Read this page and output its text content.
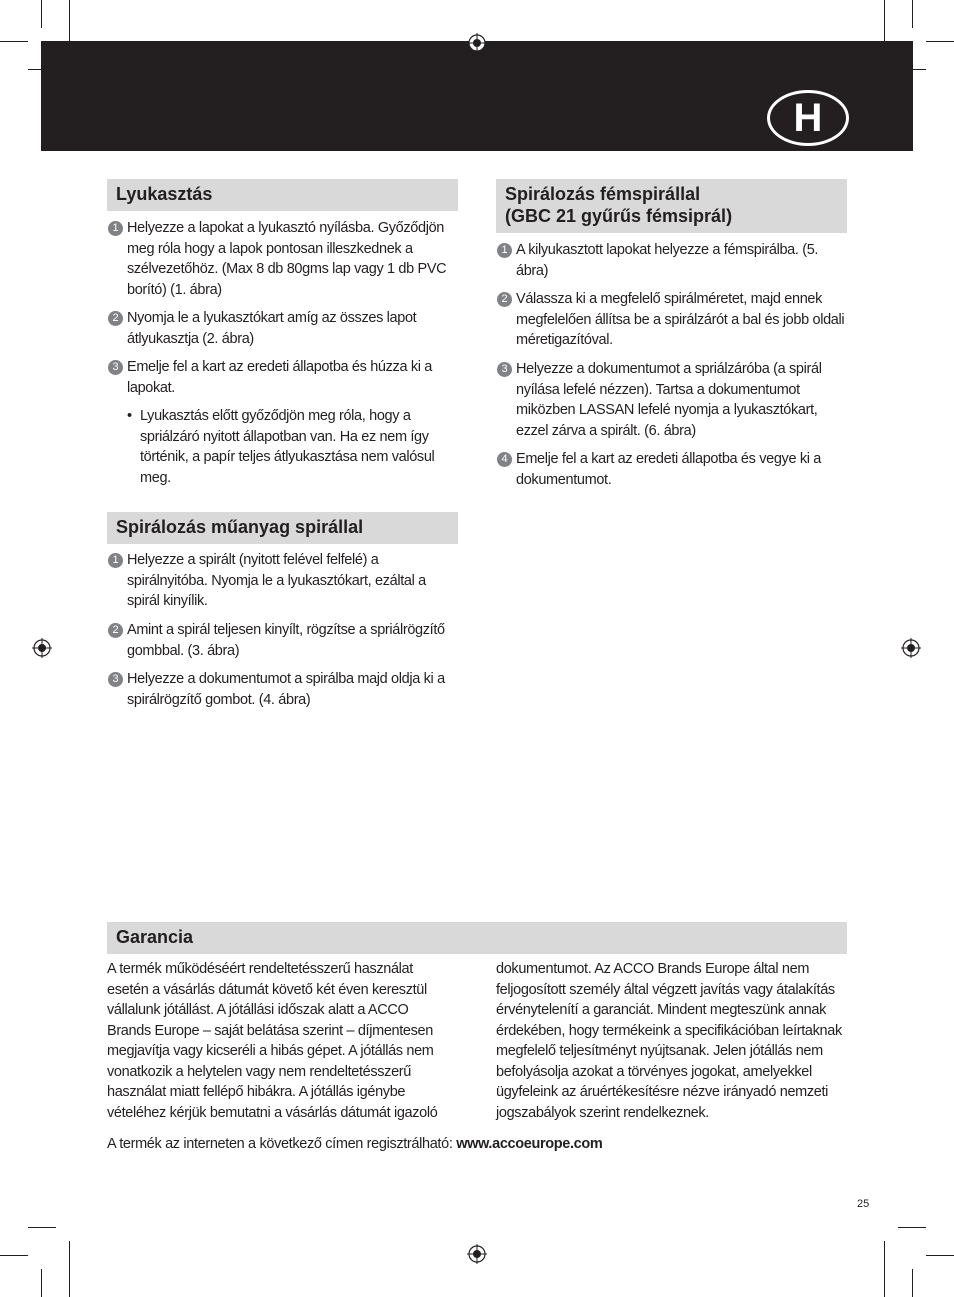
H
Lyukasztás
1 Helyezze a lapokat a lyukasztó nyílásba. Győződjön meg róla hogy a lapok pontosan illeszkednek a szélvezetőhöz. (Max 8 db 80gms lap vagy 1 db PVC borító) (1. ábra)
2 Nyomja le a lyukasztókart amíg az összes lapot átlyukasztja (2. ábra)
3 Emelje fel a kart az eredeti állapotba és húzza ki a lapokat.
• Lyukasztás előtt győződjön meg róla, hogy a spriálzáró nyitott állapotban van. Ha ez nem így történik, a papír teljes átlyukasztása nem valósul meg.
Spirálozás műanyag spirállal
1 Helyezze a spirált (nyitott felével felfelé) a spirálnyitóba. Nyomja le a lyukasztókart, ezáltal a spirál kinyílik.
2 Amint a spirál teljesen kinyílt, rögzítse a spriálrögzítő gombbal. (3. ábra)
3 Helyezze a dokumentumot a spirálba majd oldja ki a spirálrögzítő gombot. (4. ábra)
Spirálozás fémspirállal
(GBC 21 gyűrűs fémsiprál)
1 A kilyukasztott lapokat helyezze a fémspirálba. (5. ábra)
2 Válassza ki a megfelelő spirálméretet, majd ennek megfelelően állítsa be a spirálzárót a bal és jobb oldali méretigazítóval.
3 Helyezze a dokumentumot a spriálzáróba (a spirál nyílása lefelé nézzen). Tartsa a dokumentumot miközben LASSAN lefelé nyomja a lyukasztókart, ezzel zárva a spirált. (6. ábra)
4 Emelje fel a kart az eredeti állapotba és vegye ki a dokumentumot.
Garancia
A termék működéséért rendeltetésszerű használat esetén a vásárlás dátumát követő két éven keresztül vállalunk jótállást. A jótállási időszak alatt a ACCO Brands Europe – saját belátása szerint – díjmentesen megjavítja vagy kicseréli a hibás gépet. A jótállás nem vonatkozik a helytelen vagy nem rendeltetésszerű használat miatt fellépő hibákra. A jótállás igénybe vételéhez kérjük bemutatni a vásárlás dátumát igazoló
dokumentumot. Az ACCO Brands Europe által nem feljogosított személy által végzett javítás vagy átalakítás érvénytelenítí a garanciát. Mindent megteszünk annak érdekében, hogy termékeink a specifikációban leírtaknak megfelelő teljesítményt nyújtsanak. Jelen jótállás nem befolyásolja azokat a törvényes jogokat, amelyekkel ügyfeleink az áruértékesítésre nézve irányadó nemzeti jogszabályok szerint rendelkeznek.
A termék az interneten a következő címen regisztrálható: www.accoeurope.com
25
